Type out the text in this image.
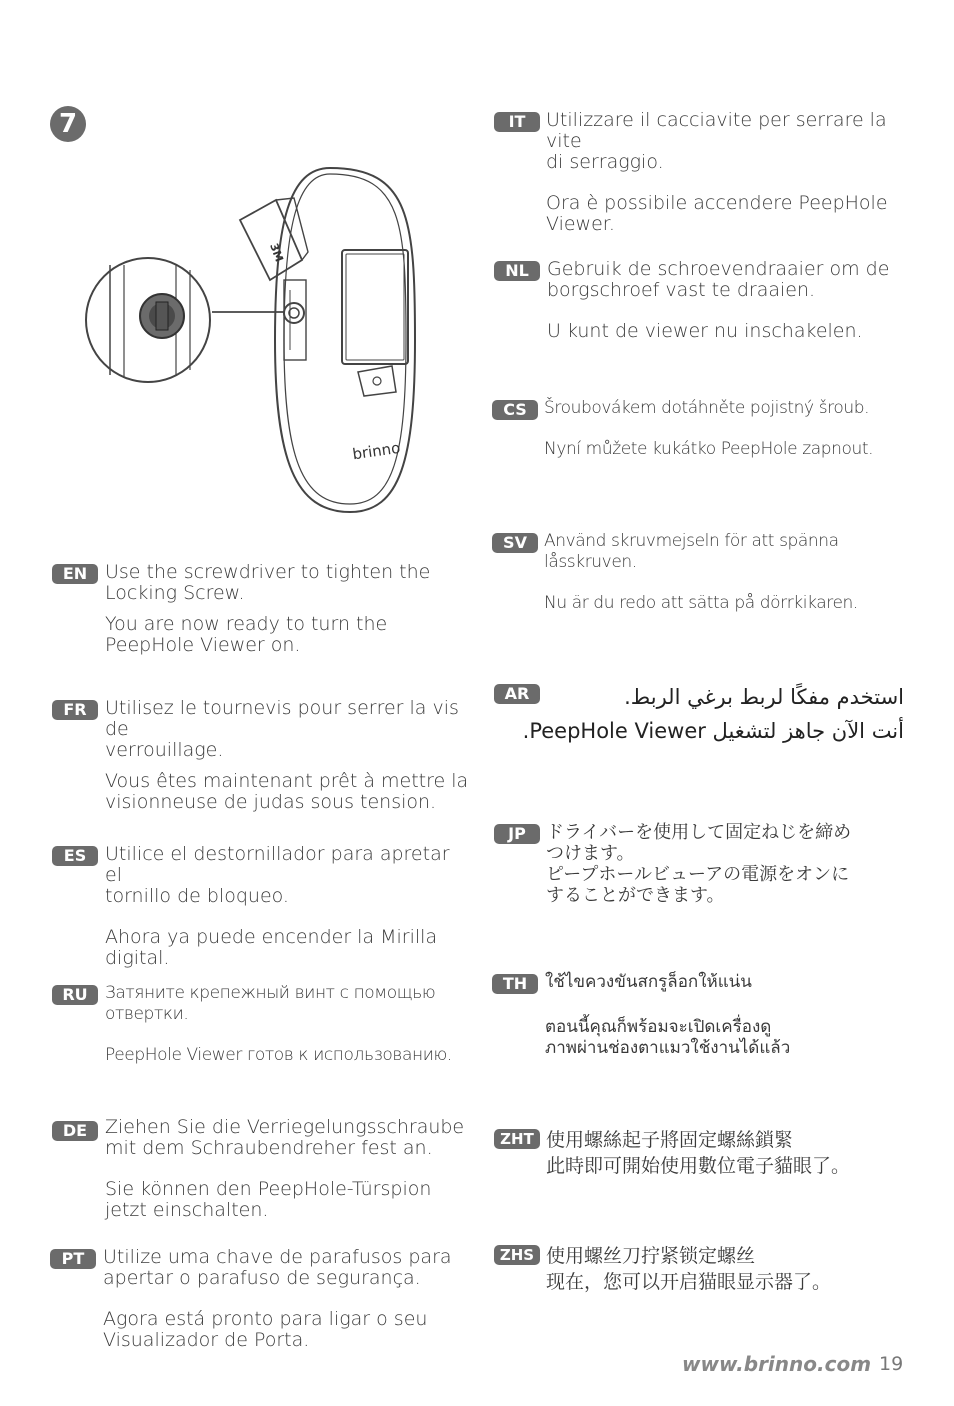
7
brinno
3M
EN Use the screwdriver to tighten the

Locking Screw.

You are now ready to turn the

PeepHole Viewer on.

FR Utilisez le tournevis pour serrer la vis de

verrouillage.

Vous êtes maintenant prêt à mettre la

visionneuse de judas sous tension.

ES Utilice el destornillador para apretar el

tornillo de bloqueo.

Ahora ya puede encender la Mirilla

digital.

RU	Затяните крепежный винт с помощью

отвертки.

PeepHole Viewer готов к использованию.

DE Ziehen Sie die Verriegelungsschraube

mit dem Schraubendreher fest an.

Sie können den PeepHole-Türspion

jetzt einschalten.

PT Utilize uma chave de parafusos para

apertar o parafuso de segurança.

Agora está pronto para ligar o seu

Visualizador de Porta.

IT	Utilizzare il cacciavite per serrare la vite

di serraggio.

Ora è possibile accendere PeepHole

Viewer.

NL Gebruik de schroevendraaier om de

borgschroef vast te draaien.

U kunt de viewer nu inschakelen.

CS	Šroubovákem dotáhněte pojistný šroub.

Nyní můžete kukátko PeepHole zapnout.

SV	Använd skruvmejseln för att spänna

låsskruven.

Nu är du redo att sätta på dörrkikaren.

AR	استخدم مفكًا لربط برغي الربط.

أنت الآن جاهز لتشغيل PeepHole Viewer.

JP	ドライバーを使用して固定ねじを締め

つけます。

ピープホールビューアの電源をオンに

することができます。

TH	ใช้ไขควงขันสกรูล็อกให้แน่น

ตอนนี้คุณก็พร้อมจะเปิดเครื่องดู

ภาพผ่านช่องตาแมวใช้งานได้แล้ว

ZHT 使用螺絲起子將固定螺絲鎖緊

此時即可開始使用數位電子貓眼了。

ZHS 使用螺丝刀拧紧锁定螺丝

现在，您可以开启猫眼显示器了。

www.brinno.com 19
